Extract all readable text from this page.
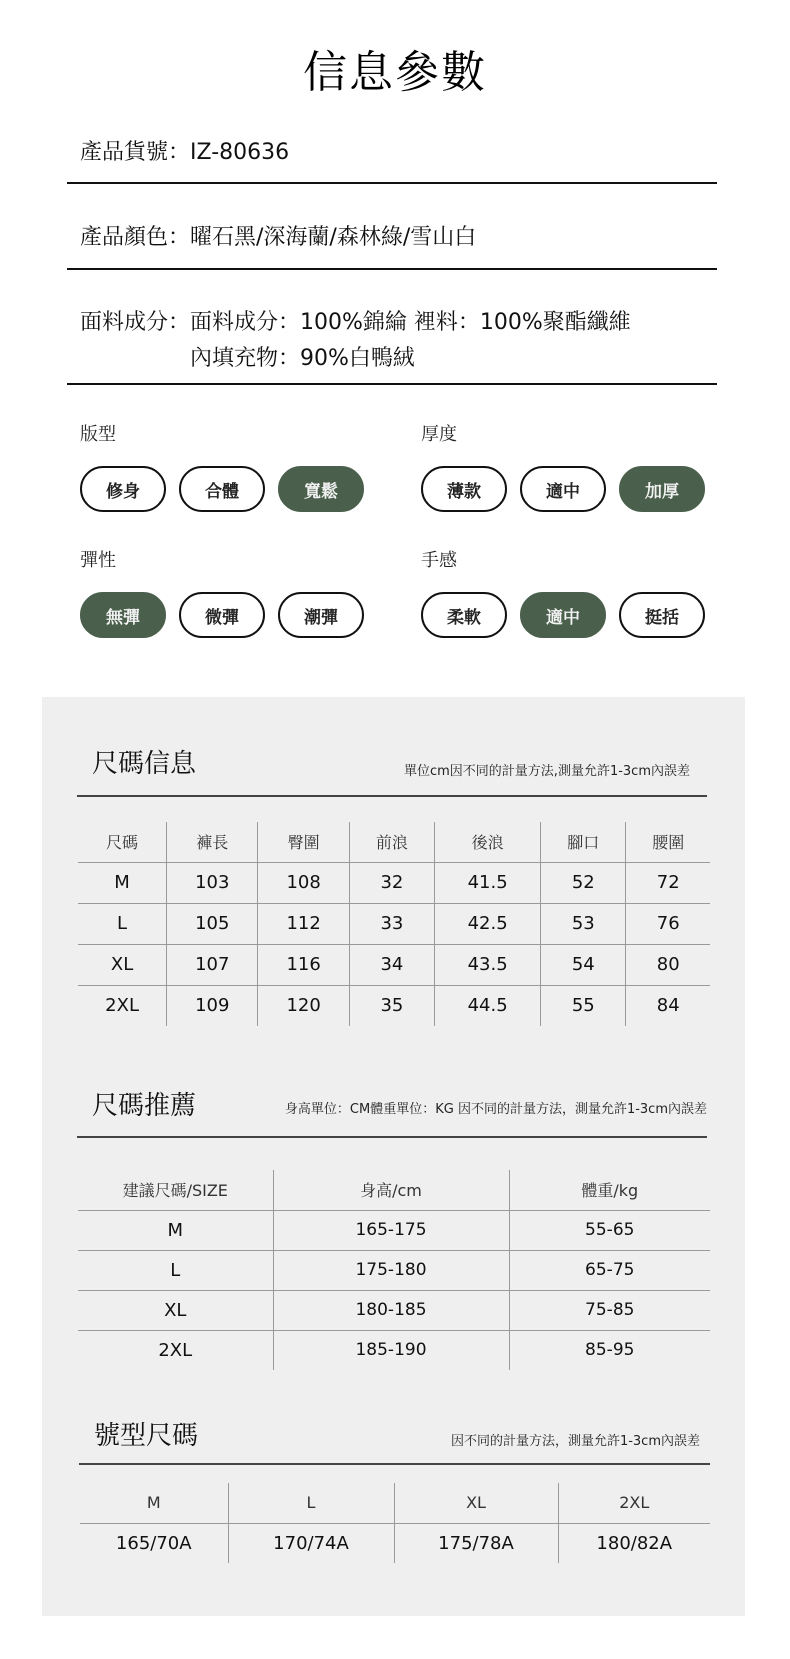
信息參數
產品貨號：IZ-80636
產品顏色：曜石黑/深海蘭/森林綠/雪山白
面料成分： 面料成分：100%錦綸 裡料：100%聚酯纖維
內填充物：90%白鴨絨
版型
修身	合體	寬鬆
厚度
薄款	適中	加厚
彈性
無彈	微彈	潮彈
手感
柔軟	適中	挺括
尺碼信息	單位cm因不同的計量方法,測量允許1-3cm內誤差
尺碼	褲長	臀圍	前浪	後浪	腳口	腰圍
M	103	108	32	41.5	52	72
L	105	112	33	42.5	53	76
XL	107	116	34	43.5	54	80
2XL	109	120	35	44.5	55	84
尺碼推薦	身高單位：CM體重單位：KG 因不同的計量方法，測量允許1-3cm內誤差
建議尺碼/SIZE	身高/cm	體重/kg
M	165-175	55-65
L	175-180	65-75
XL	180-185	75-85
2XL	185-190	85-95
號型尺碼	因不同的計量方法，測量允許1-3cm內誤差
M	L	XL	2XL
165/70A	170/74A	175/78A	180/82A
